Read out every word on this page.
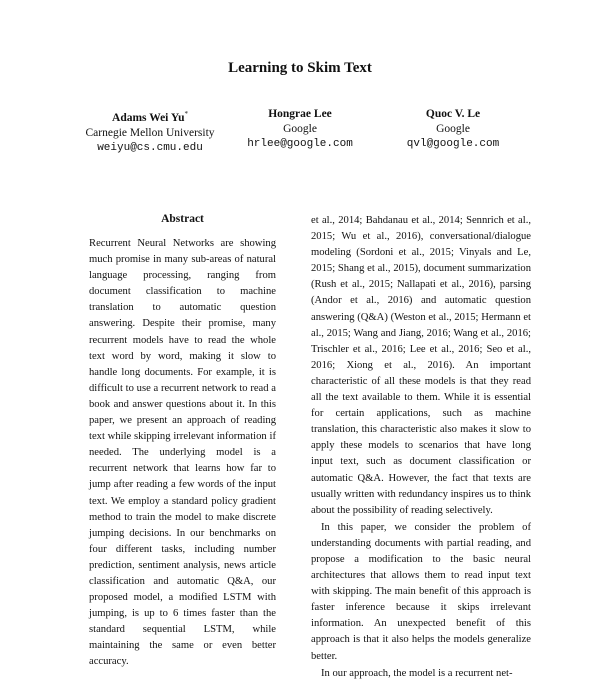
Learning to Skim Text
Adams Wei Yu*
Carnegie Mellon University
weiyu@cs.cmu.edu
Hongrae Lee
Google
hrlee@google.com
Quoc V. Le
Google
qvl@google.com
Abstract

Recurrent Neural Networks are showing much promise in many sub-areas of natural language processing, ranging from document classification to machine translation to automatic question answering. Despite their promise, many recurrent models have to read the whole text word by word, making it slow to handle long documents. For example, it is difficult to use a recurrent network to read a book and answer questions about it. In this paper, we present an approach of reading text while skipping irrelevant information if needed. The underlying model is a recurrent network that learns how far to jump after reading a few words of the input text. We employ a standard policy gradient method to train the model to make discrete jumping decisions. In our benchmarks on four different tasks, including number prediction, sentiment analysis, news article classification and automatic Q&A, our proposed model, a modified LSTM with jumping, is up to 6 times faster than the standard sequential LSTM, while maintaining the same or even better accuracy.

et al., 2014; Bahdanau et al., 2014; Sennrich et al., 2015; Wu et al., 2016), conversational/dialogue modeling (Sordoni et al., 2015; Vinyals and Le, 2015; Shang et al., 2015), document summarization (Rush et al., 2015; Nallapati et al., 2016), parsing (Andor et al., 2016) and automatic question answering (Q&A) (Weston et al., 2015; Hermann et al., 2015; Wang and Jiang, 2016; Wang et al., 2016; Trischler et al., 2016; Lee et al., 2016; Seo et al., 2016; Xiong et al., 2016). An important characteristic of all these models is that they read all the text available to them. While it is essential for certain applications, such as machine translation, this characteristic also makes it slow to apply these models to scenarios that have long input text, such as document classification or automatic Q&A. However, the fact that texts are usually written with redundancy inspires us to think about the possibility of reading selectively.

In this paper, we consider the problem of understanding documents with partial reading, and propose a modification to the basic neural architectures that allows them to read input text with skipping. The main benefit of this approach is faster inference because it skips irrelevant information. An unexpected benefit of this approach is that it also helps the models generalize better.

In our approach, the model is a recurrent net-
